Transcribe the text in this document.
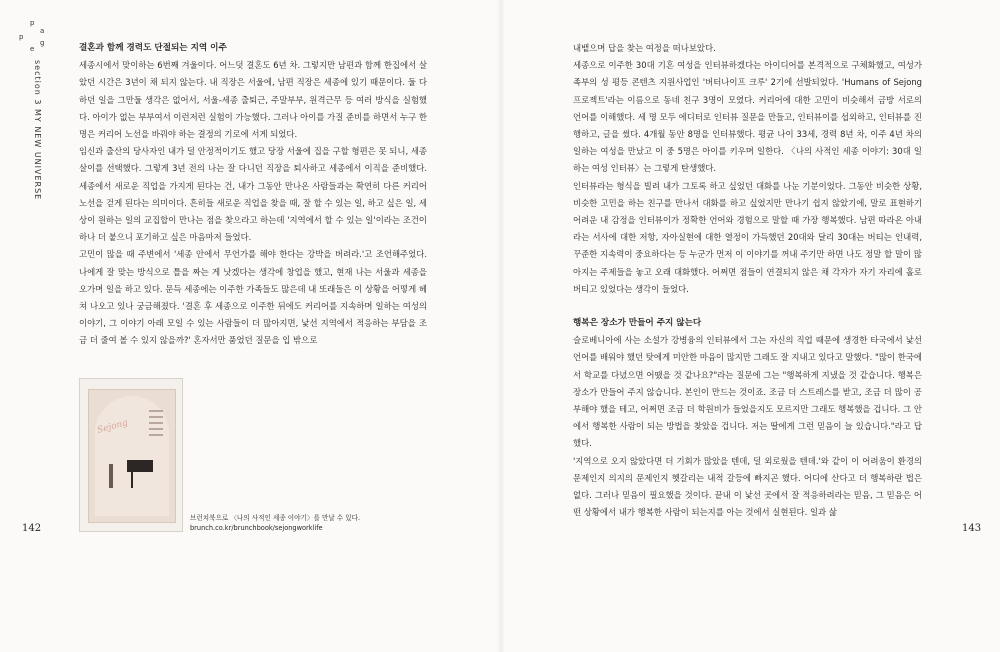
p
a
g
e
p
section 3 MY NEW UNIVERSE
결혼과 함께 경력도 단절되는 지역 이주

세종시에서 맞이하는 6번째 겨울이다. 어느덧 결혼도 6년 차. 그렇지만 남편과 함께 한집에서 살았던 시간은 3년이 채 되지 않는다. 내 직장은 서울에, 남편 직장은 세종에 있기 때문이다. 둘 다 하던 일을 그만둘 생각은 없어서, 서울-세종 출퇴근, 주말부부, 원격근무 등 여러 방식을 실험했다. 아이가 없는 부부여서 이런저런 실험이 가능했다. 그러나 아이를 가질 준비를 하면서 누구 한 명은 커리어 노선을 바꿔야 하는 결정의 기로에 서게 되었다.

임신과 출산의 당사자인 내가 덜 안정적이기도 했고 당장 서울에 집을 구할 형편은 못 되니, 세종살이를 선택했다. 그렇게 3년 전의 나는 잘 다니던 직장을 퇴사하고 세종에서 이직을 준비했다. 세종에서 새로운 직업을 가지게 된다는 건, 내가 그동안 만나온 사람들과는 확연히 다른 커리어 노선을 걷게 된다는 의미이다. 흔히들 새로운 직업을 찾을 때, 잘 할 수 있는 일, 하고 싶은 일, 세상이 원하는 일의 교집합이 만나는 점을 찾으라고 하는데 '지역에서 할 수 있는 일'이라는 조건이 하나 더 붙으니 포기하고 싶은 마음마저 들었다.

고민이 많을 때 주변에서 '세종 안에서 무언가를 해야 한다는 강박을 버려라.'고 조언해주었다. 나에게 잘 맞는 방식으로 틀을 짜는 게 낫겠다는 생각에 창업을 했고, 현재 나는 서울과 세종을 오가며 일을 하고 있다. 문득 세종에는 이주한 가족들도 많은데 내 또래들은 이 상황을 어떻게 헤쳐 나오고 있나 궁금해졌다. '결혼 후 세종으로 이주한 뒤에도 커리어를 지속하며 일하는 여성의 이야기, 그 이야기 아래 모일 수 있는 사람들이 더 많아지면, 낯선 지역에서 적응하는 부담을 조금 더 줄여 볼 수 있지 않을까?' 혼자서만 품었던 질문을 입 밖으로

Sejong
브런치북으로 〈나의 사적인 세종 이야기〉를 만날 수 있다.
brunch.co.kr/brunchbook/sejongworklife
142

내뱉으며 답을 찾는 여정을 떠나보았다.

세종으로 이주한 30대 기혼 여성을 인터뷰하겠다는 아이디어를 본격적으로 구체화했고, 여성가족부의 성 평등 콘텐츠 지원사업인 '버터나이프 크루' 2기에 선발되었다. 'Humans of Sejong 프로젝트'라는 이름으로 동네 친구 3명이 모였다. 커리어에 대한 고민이 비슷해서 금방 서로의 언어를 이해했다. 세 명 모두 에디터로 인터뷰 질문을 만들고, 인터뷰이를 섭외하고, 인터뷰를 진행하고, 글을 썼다. 4개월 동안 8명을 인터뷰했다. 평균 나이 33세, 경력 8년 차, 이주 4년 차의 일하는 여성을 만났고 이 중 5명은 아이를 키우며 일한다. 〈나의 사적인 세종 이야기: 30대 일하는 여성 인터뷰〉는 그렇게 탄생했다.

인터뷰라는 형식을 빌려 내가 그토록 하고 싶었던 대화를 나눈 기분이었다. 그동안 비슷한 상황, 비슷한 고민을 하는 친구를 만나서 대화를 하고 싶었지만 만나기 쉽지 않았기에, 말로 표현하기 어려운 내 감정을 인터뷰이가 정확한 언어와 경험으로 말할 때 가장 행복했다. 남편 따라온 아내라는 서사에 대한 저항, 자아실현에 대한 열정이 가득했던 20대와 달리 30대는 버티는 인내력, 꾸준한 지속력이 중요하다는 등 누군가 먼저 이 이야기를 꺼내 주기만 하면 나도 정말 할 말이 많아지는 주제들을 놓고 오래 대화했다. 어쩌면 점들이 연결되지 않은 채 각자가 자기 자리에 홀로 버티고 있었다는 생각이 들었다.

행복은 장소가 만들어 주지 않는다

슬로베니아에 사는 소설가 강병융의 인터뷰에서 그는 자신의 직업 때문에 생경한 타국에서 낯선 언어를 배워야 했던 탓에게 미안한 마음이 많지만 그래도 잘 지내고 있다고 말했다. "많이 한국에서 학교를 다녔으면 어땠을 것 같나요?"라는 질문에 그는 "행복하게 지냈을 것 같습니다. 행복은 장소가 만들어 주지 않습니다. 본인이 만드는 것이죠. 조금 더 스트레스를 받고, 조금 더 많이 공부해야 했을 테고, 어쩌면 조금 더 학원비가 들었을지도 모르지만 그래도 행복했을 겁니다. 그 안에서 행복한 사람이 되는 방법을 찾았을 겁니다. 저는 딸에게 그런 믿음이 늘 있습니다."라고 답했다.

'지역으로 오지 않았다면 더 기회가 많았을 텐데, 덜 외로웠을 텐데.'와 같이 이 어려움이 환경의 문제인지 의지의 문제인지 헷갈리는 내적 갈등에 빠지곤 했다. 어디에 산다고 더 행복하란 법은 없다. 그러나 믿음이 필요했을 것이다. 끝내 이 낯선 곳에서 잘 적응하려라는 믿음, 그 믿음은 어떤 상황에서 내가 행복한 사람이 되는지를 아는 것에서 실현된다. 일과 삶

143
